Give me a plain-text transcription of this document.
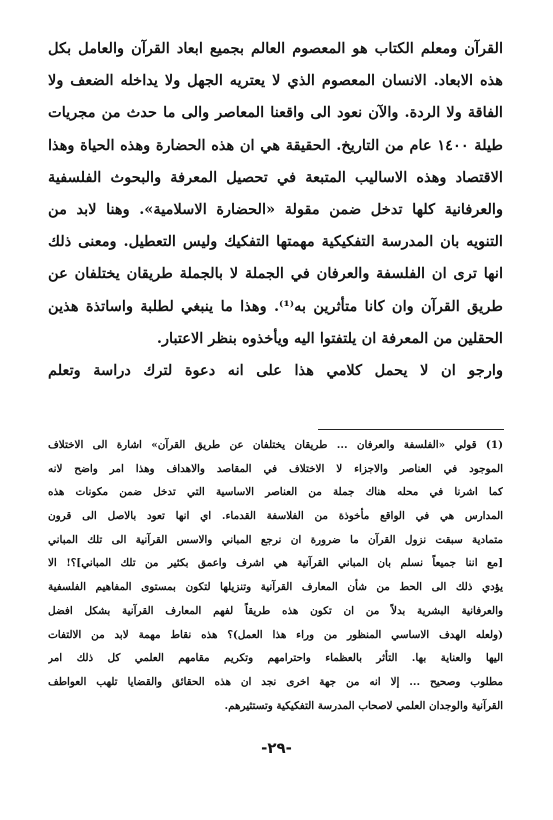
القرآن ومعلم الكتاب هو المعصوم العالم بجميع ابعاد القرآن والعامل بكل
هذه الابعاد. الانسان المعصوم الذي لا يعتريه الجهل ولا يداخله الضعف ولا
الفاقة ولا الردة. والآن نعود الى واقعنا المعاصر والى ما حدث من مجريات
طيلة ١٤٠٠ عام من التاريخ. الحقيقة هي ان هذه الحضارة وهذه الحياة وهذا
الاقتصاد وهذه الاساليب المتبعة في تحصيل المعرفة والبحوث الفلسفية
والعرفانية كلها تدخل ضمن مقولة «الحضارة الاسلامية». وهنا لابد من
التنويه بان المدرسة التفكيكية مهمتها التفكيك وليس التعطيل. ومعنى ذلك
انها ترى ان الفلسفة والعرفان في الجملة لا بالجملة طريقان يختلفان عن
طريق القرآن وان كانا متأثرين به⁽¹⁾. وهذا ما ينبغي لطلبة واساتذة هذين
الحقلين من المعرفة ان يلتفتوا اليه ويأخذوه بنظر الاعتبار.
وارجو ان لا يحمل كلامي هذا على انه دعوة لترك دراسة وتعلم
(1) قولي «الفلسفة والعرفان ... طريقان يختلفان عن طريق القرآن» اشارة الى الاختلاف
الموجود في العناصر والاجزاء لا الاختلاف في المقاصد والاهداف وهذا امر واضح لانه
كما اشرنا في محله هناك جملة من العناصر الاساسية التي تدخل ضمن مكونات هذه
المدارس هي في الواقع مأخوذة من الفلاسفة القدماء. اي انها تعود بالاصل الى قرون
متمادية سبقت نزول القرآن ما ضرورة ان نرجع المباني والاسس القرآنية الى تلك المباني
[مع اننا جميعاً نسلم بان المباني القرآنية هي اشرف واعمق بكثير من تلك المباني]؟! الا
يؤدي ذلك الى الحط من شأن المعارف القرآنية وتنزيلها لتكون بمستوى المفاهيم الفلسفية
والعرفانية البشرية بدلاً من ان تكون هذه طريقاً لفهم المعارف القرآنية بشكل افضل
(ولعله الهدف الاساسي المنظور من وراء هذا العمل)؟ هذه نقاط مهمة لابد من الالتفات
اليها والعناية بها. التأثر بالعظماء واحترامهم وتكريم مقامهم العلمي كل ذلك امر
مطلوب وصحيح ... إلا انه من جهة اخرى نجد ان هذه الحقائق والقضايا تلهب العواطف
القرآنية والوجدان العلمي لاصحاب المدرسة التفكيكية وتستثيرهم.
-٢٩-
